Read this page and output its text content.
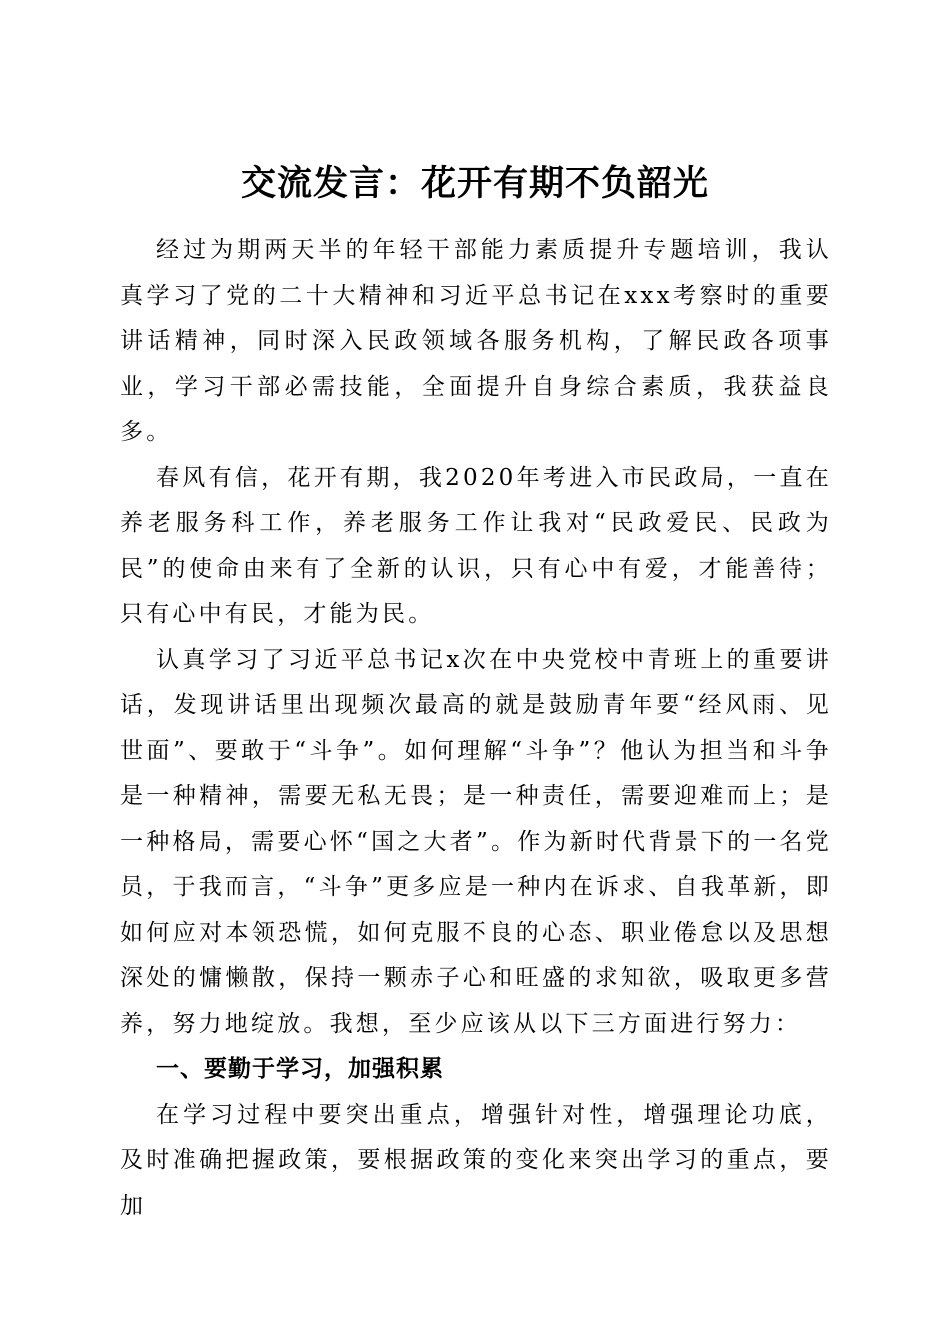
交流发言：花开有期不负韶光

经过为期两天半的年轻干部能力素质提升专题培训，我认真学习了党的二十大精神和习近平总书记在xxx考察时的重要讲话精神，同时深入民政领域各服务机构，了解民政各项事业，学习干部必需技能，全面提升自身综合素质，我获益良多。

春风有信，花开有期，我2020年考进入市民政局，一直在养老服务科工作，养老服务工作让我对“民政爱民、民政为民”的使命由来有了全新的认识，只有心中有爱，才能善待；只有心中有民，才能为民。

认真学习了习近平总书记x次在中央党校中青班上的重要讲话，发现讲话里出现频次最高的就是鼓励青年要“经风雨、见世面”、要敢于“斗争”。如何理解“斗争”？他认为担当和斗争是一种精神，需要无私无畏；是一种责任，需要迎难而上；是一种格局，需要心怀“国之大者”。作为新时代背景下的一名党员，于我而言，“斗争”更多应是一种内在诉求、自我革新，即如何应对本领恐慌，如何克服不良的心态、职业倦怠以及思想深处的慵懒散，保持一颗赤子心和旺盛的求知欲，吸取更多营养，努力地绽放。我想，至少应该从以下三方面进行努力：

一、要勤于学习，加强积累

在学习过程中要突出重点，增强针对性，增强理论功底，及时准确把握政策，要根据政策的变化来突出学习的重点，要加
